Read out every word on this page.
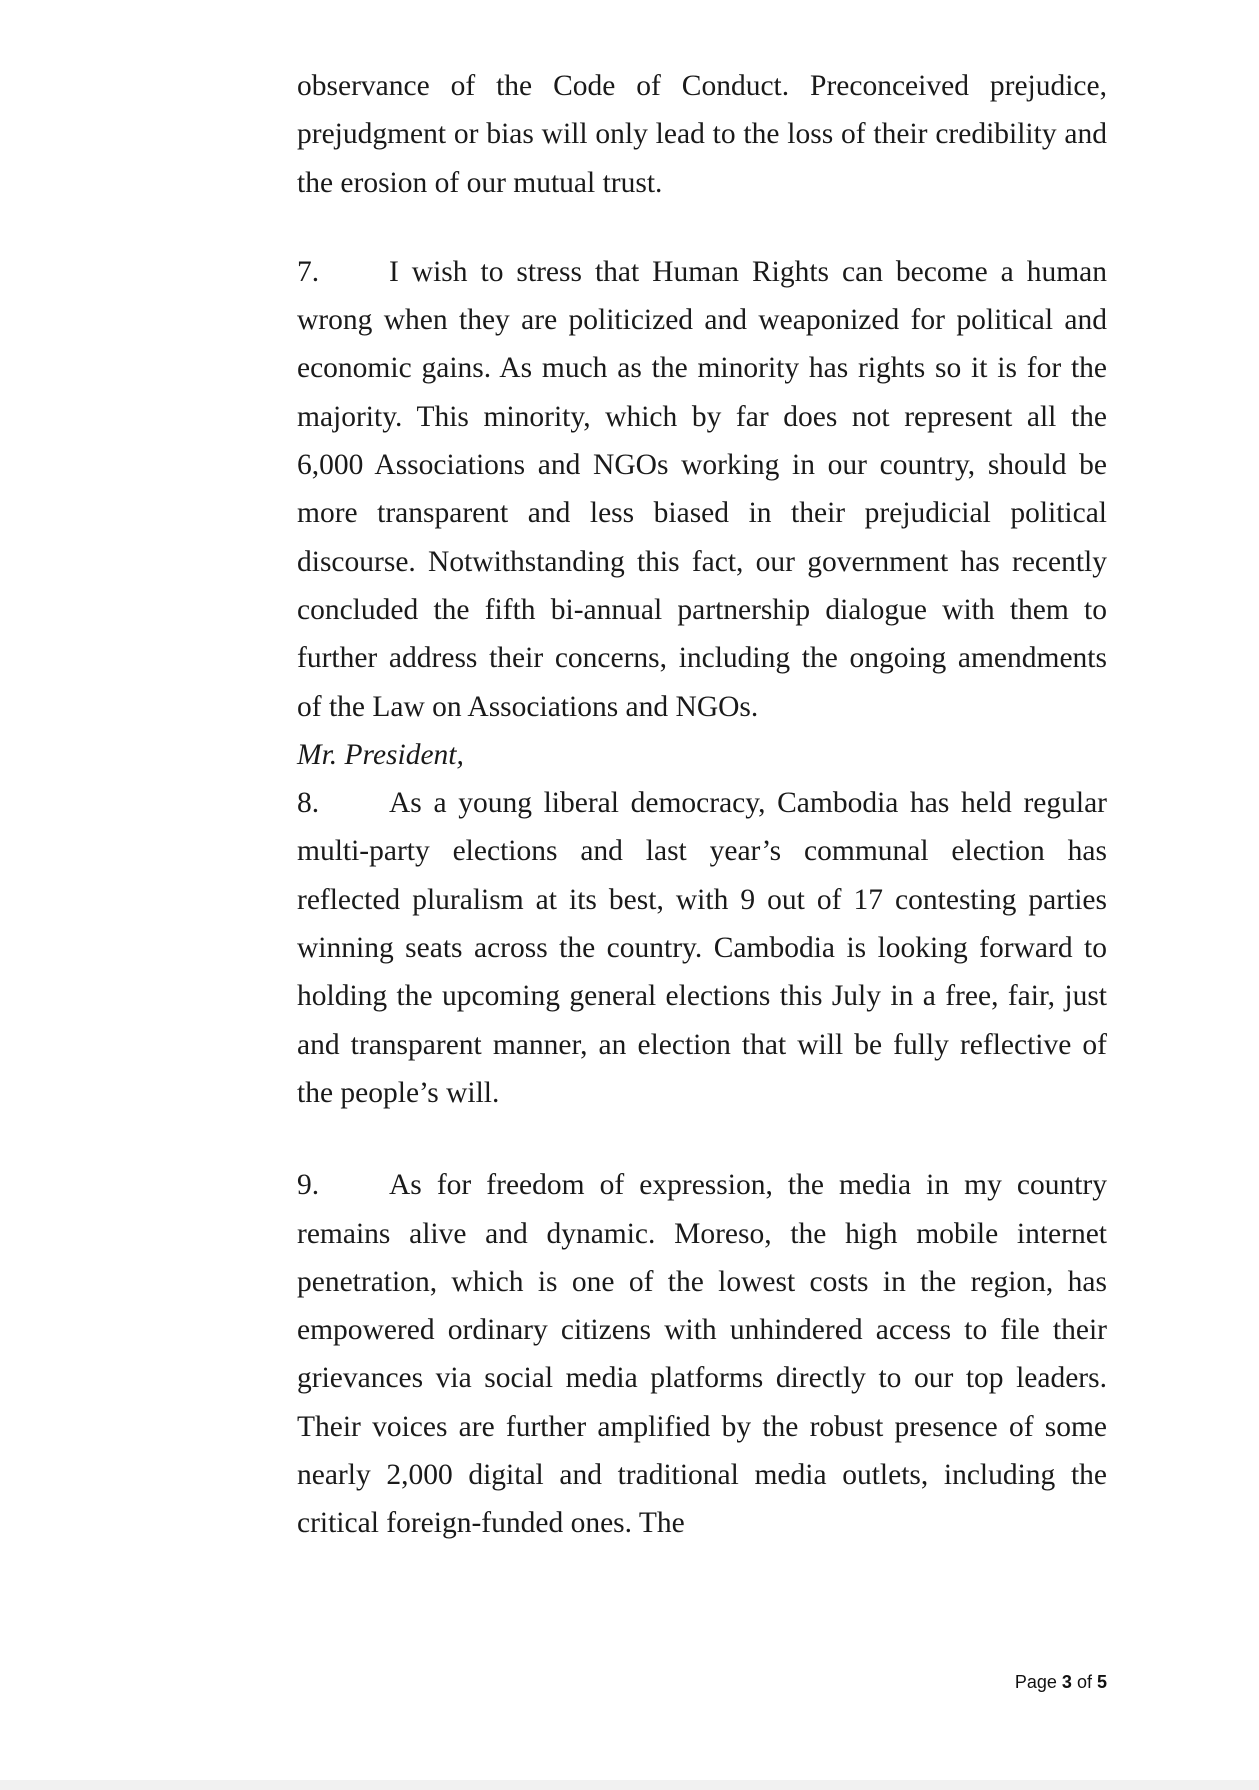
observance of the Code of Conduct. Preconceived prejudice, prejudgment or bias will only lead to the loss of their credibility and the erosion of our mutual trust.

7. I wish to stress that Human Rights can become a human wrong when they are politicized and weaponized for political and economic gains. As much as the minority has rights so it is for the majority. This minority, which by far does not represent all the 6,000 Associations and NGOs working in our country, should be more transparent and less biased in their prejudicial political discourse. Notwithstanding this fact, our government has recently concluded the fifth bi-annual partnership dialogue with them to further address their concerns, including the ongoing amendments of the Law on Associations and NGOs.

Mr. President,

8. As a young liberal democracy, Cambodia has held regular multi-party elections and last year’s communal election has reflected pluralism at its best, with 9 out of 17 contesting parties winning seats across the country. Cambodia is looking forward to holding the upcoming general elections this July in a free, fair, just and transparent manner, an election that will be fully reflective of the people’s will.

9. As for freedom of expression, the media in my country remains alive and dynamic. Moreso, the high mobile internet penetration, which is one of the lowest costs in the region, has empowered ordinary citizens with unhindered access to file their grievances via social media platforms directly to our top leaders. Their voices are further amplified by the robust presence of some nearly 2,000 digital and traditional media outlets, including the critical foreign-funded ones. The

Page 3 of 5
